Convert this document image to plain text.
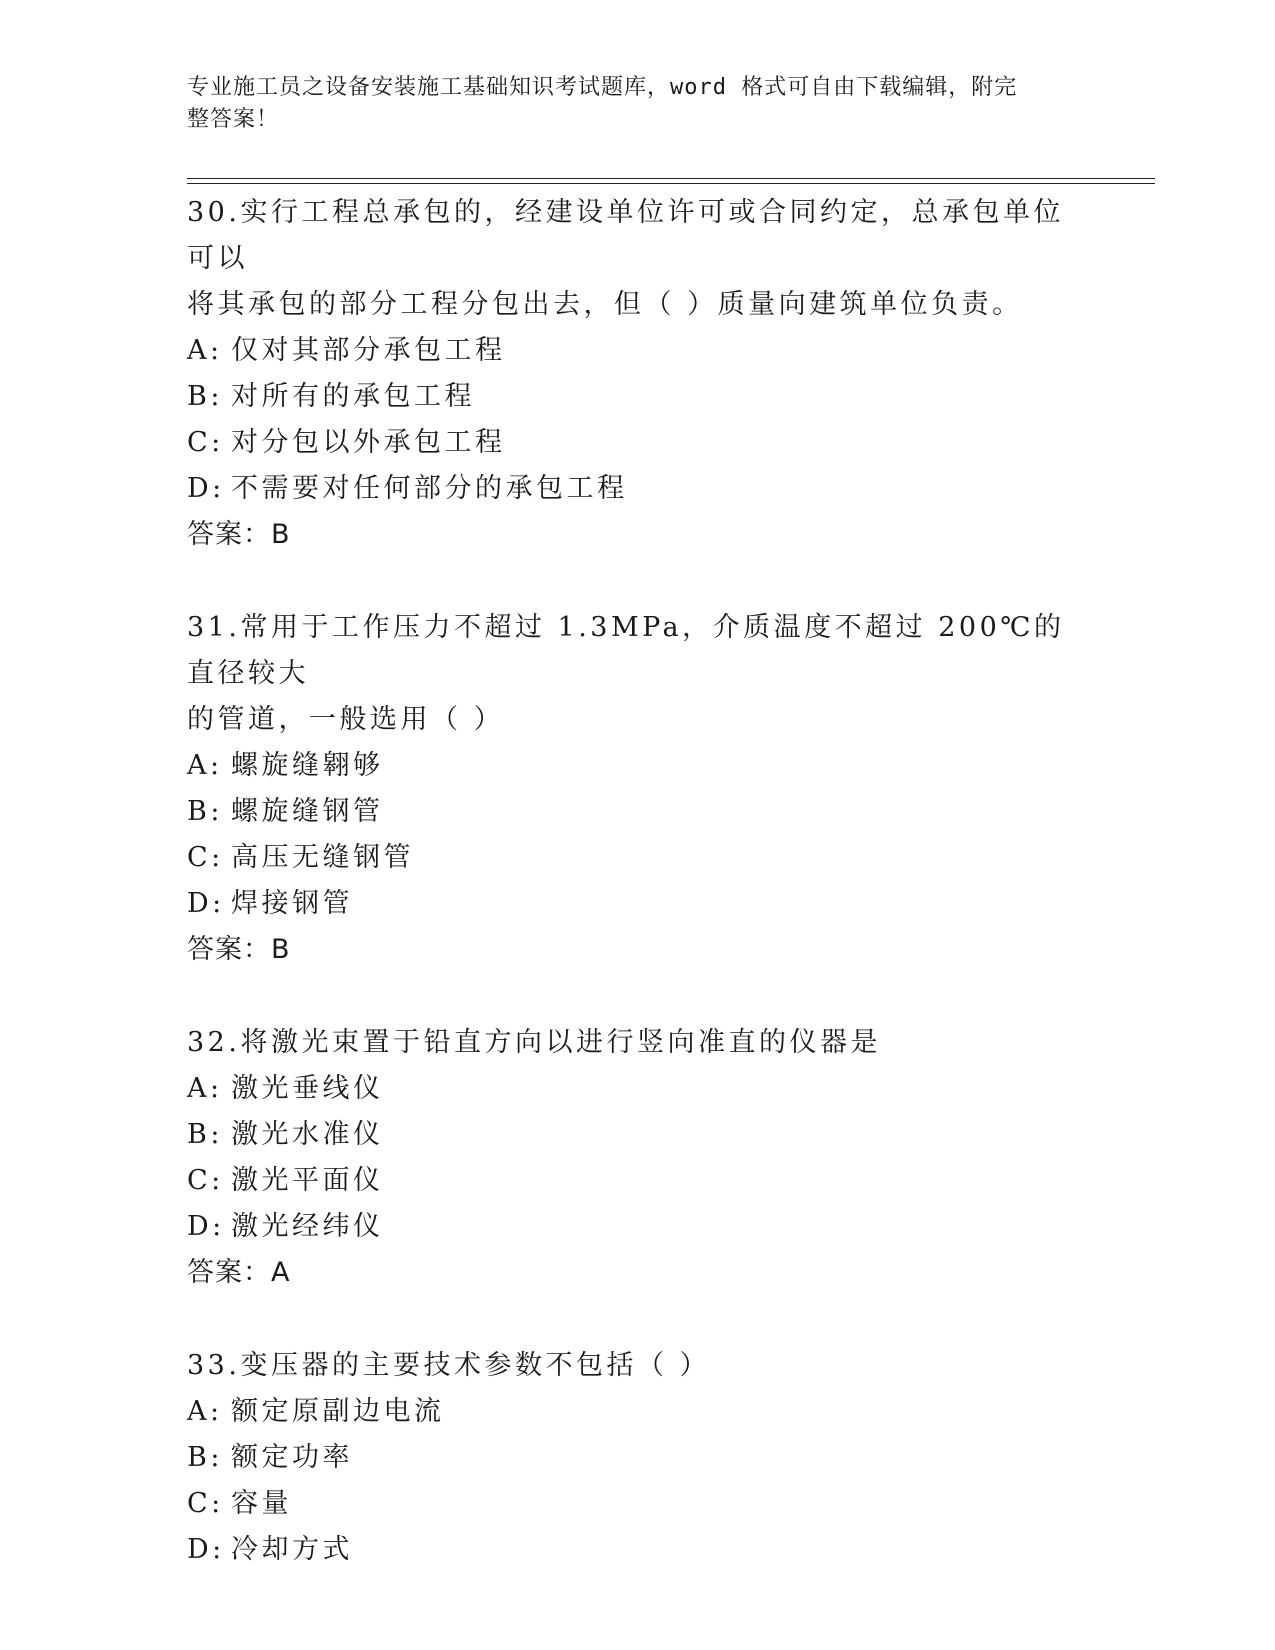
专业施工员之设备安装施工基础知识考试题库，word 格式可自由下载编辑，附完
整答案！

30.实行工程总承包的，经建设单位许可或合同约定，总承包单位可以

将其承包的部分工程分包出去，但（ ）质量向建筑单位负责。

A: 仅对其部分承包工程
B: 对所有的承包工程
C: 对分包以外承包工程
D: 不需要对任何部分的承包工程
答案：B

31.常用于工作压力不超过 1.3MPa，介质温度不超过 200℃的直径较大

的管道，一般选用（ ）

A: 螺旋缝翱够
B: 螺旋缝钢管
C: 高压无缝钢管
D: 焊接钢管
答案：B

32.将激光束置于铅直方向以进行竖向准直的仪器是

A: 激光垂线仪
B: 激光水准仪
C: 激光平面仪
D: 激光经纬仪
答案：A

33.变压器的主要技术参数不包括（ ）

A: 额定原副边电流
B: 额定功率
C: 容量
D: 冷却方式
